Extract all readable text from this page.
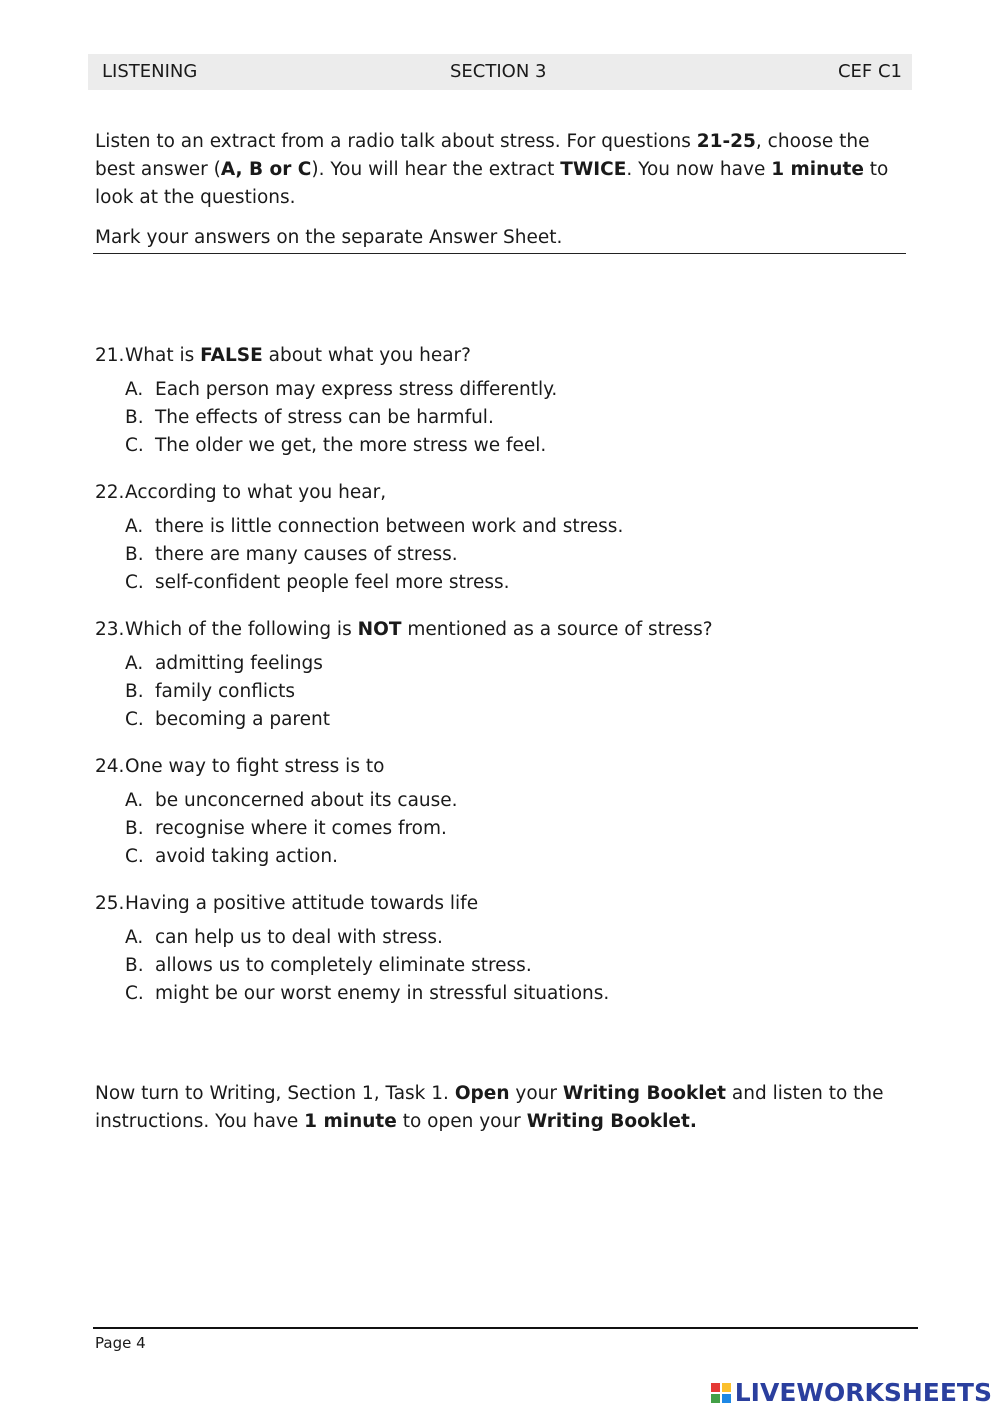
LISTENING	SECTION 3	CEF C1
Listen to an extract from a radio talk about stress. For questions 21-25, choose the best answer (A, B or C). You will hear the extract TWICE. You now have 1 minute to look at the questions.
Mark your answers on the separate Answer Sheet.
21. What is FALSE about what you hear?
A. Each person may express stress differently.
B. The effects of stress can be harmful.
C. The older we get, the more stress we feel.
22. According to what you hear,
A. there is little connection between work and stress.
B. there are many causes of stress.
C. self-confident people feel more stress.
23. Which of the following is NOT mentioned as a source of stress?
A. admitting feelings
B. family conflicts
C. becoming a parent
24. One way to fight stress is to
A. be unconcerned about its cause.
B. recognise where it comes from.
C. avoid taking action.
25. Having a positive attitude towards life
A. can help us to deal with stress.
B. allows us to completely eliminate stress.
C. might be our worst enemy in stressful situations.
Now turn to Writing, Section 1, Task 1. Open your Writing Booklet and listen to the instructions. You have 1 minute to open your Writing Booklet.
Page 4
LIVEWORKSHEETS
